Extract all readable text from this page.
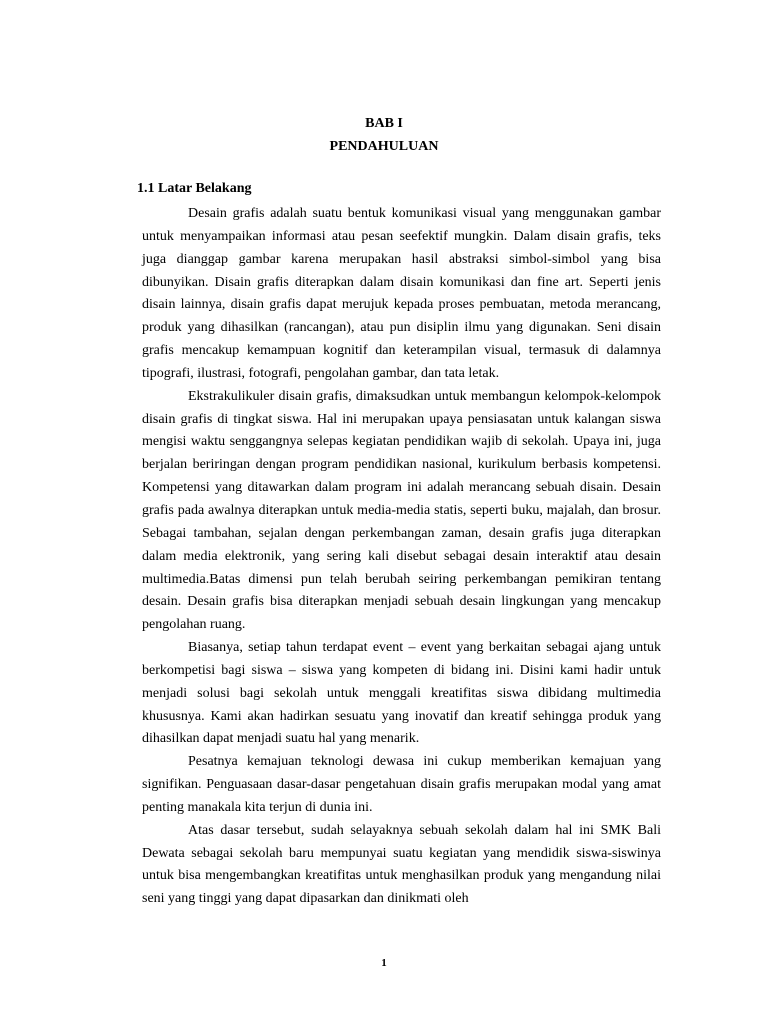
BAB I
PENDAHULUAN
1.1 Latar Belakang

Desain grafis adalah suatu bentuk komunikasi visual yang menggunakan gambar untuk menyampaikan informasi atau pesan seefektif mungkin. Dalam disain grafis, teks juga dianggap gambar karena merupakan hasil abstraksi simbol-simbol yang bisa dibunyikan. Disain grafis diterapkan dalam disain komunikasi dan fine art. Seperti jenis disain lainnya, disain grafis dapat merujuk kepada proses pembuatan, metoda merancang, produk yang dihasilkan (rancangan), atau pun disiplin ilmu yang digunakan. Seni disain grafis mencakup kemampuan kognitif dan keterampilan visual, termasuk di dalamnya tipografi, ilustrasi, fotografi, pengolahan gambar, dan tata letak.

Ekstrakulikuler disain grafis, dimaksudkan untuk membangun kelompok-kelompok disain grafis di tingkat siswa. Hal ini merupakan upaya pensiasatan untuk kalangan siswa mengisi waktu senggangnya selepas kegiatan pendidikan wajib di sekolah. Upaya ini, juga berjalan beriringan dengan program pendidikan nasional, kurikulum berbasis kompetensi. Kompetensi yang ditawarkan dalam program ini adalah merancang sebuah disain. Desain grafis pada awalnya diterapkan untuk media-media statis, seperti buku, majalah, dan brosur. Sebagai tambahan, sejalan dengan perkembangan zaman, desain grafis juga diterapkan dalam media elektronik, yang sering kali disebut sebagai desain interaktif atau desain multimedia.Batas dimensi pun telah berubah seiring perkembangan pemikiran tentang desain. Desain grafis bisa diterapkan menjadi sebuah desain lingkungan yang mencakup pengolahan ruang.

Biasanya, setiap tahun terdapat event – event yang berkaitan sebagai ajang untuk berkompetisi bagi siswa – siswa yang kompeten di bidang ini. Disini kami hadir untuk menjadi solusi bagi sekolah untuk menggali kreatifitas siswa dibidang multimedia khususnya. Kami akan hadirkan sesuatu yang inovatif dan kreatif sehingga produk yang dihasilkan dapat menjadi suatu hal yang menarik.

Pesatnya kemajuan teknologi dewasa ini cukup memberikan kemajuan yang signifikan. Penguasaan dasar-dasar pengetahuan disain grafis merupakan modal yang amat penting manakala kita terjun di dunia ini.

Atas dasar tersebut, sudah selayaknya sebuah sekolah dalam hal ini SMK Bali Dewata sebagai sekolah baru mempunyai suatu kegiatan yang mendidik siswa-siswinya untuk bisa mengembangkan kreatifitas untuk menghasilkan produk yang mengandung nilai seni yang tinggi yang dapat dipasarkan dan dinikmati oleh

1
